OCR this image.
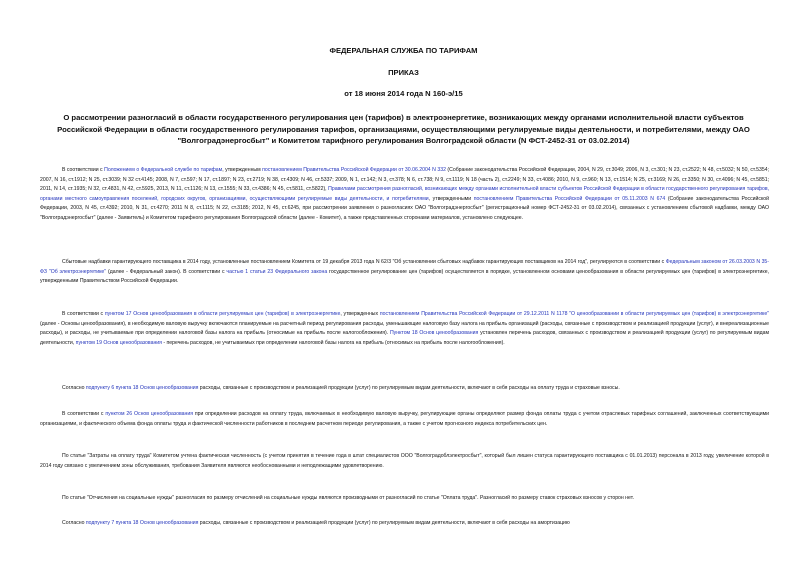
ФЕДЕРАЛЬНАЯ СЛУЖБА ПО ТАРИФАМ
ПРИКАЗ
от 18 июня 2014 года N 160-э/15
О рассмотрении разногласий в области государственного регулирования цен (тарифов) в электроэнергетике, возникающих между органами исполнительной власти субъектов Российской Федерации в области государственного регулирования тарифов, организациями, осуществляющими регулируемые виды деятельности, и потребителями, между ОАО "Волгоградэнергосбыт" и Комитетом тарифного регулирования Волгоградской области (N ФСТ-2452-31 от 03.02.2014)
В соответствии с Положением о Федеральной службе по тарифам, утвержденным постановлением Правительства Российской Федерации от 30.06.2004 N 332 (Собрание законодательства Российской Федерации, 2004, N 29, ст.3049; 2006, N 3, ст.301; N 23, ст.2522; N 48, ст.5032; N 50, ст.5354; 2007, N 16, ст.1912; N 25, ст.3039; N 32 ст.4145; 2008, N 7, ст.597; N 17, ст.1897; N 23, ст.2719; N 38, ст.4309; N 46, ст.5337; 2009, N 1, ст.142; N 3, ст.378; N 6, ст.738; N 9, ст.1119; N 18 (часть 2), ст.2249; N 33, ст.4086; 2010, N 9, ст.960; N 13, ст.1514; N 25, ст.3169; N 26, ст.3350; N 30, ст.4096; N 45, ст.5851; 2011, N 14, ст.1935; N 32, ст.4831, N 42, ст.5925, 2013, N 11, ст.1126; N 13, ст.1555; N 33, ст.4386; N 45, ст.5811, ст.5822), Правилами рассмотрения разногласий, возникающих между органами исполнительной власти субъектов Российской Федерации в области государственного регулирования тарифов, органами местного самоуправления поселений, городских округов, организациями, осуществляющими регулируемые виды деятельности, и потребителями, утвержденными постановлением Правительства Российской Федерации от 05.11.2003 N 674 (Собрание законодательства Российской Федерации, 2003, N 45, ст.4392; 2010, N 31, ст.4270; 2011 N 8, ст.1115; N 22, ст.3185; 2012, N 45, ст.6245, при рассмотрении заявления о разногласиях ОАО "Волгоградэнергосбыт" (регистрационный номер ФСТ-2452-31 от 03.02.2014), связанных с установлением сбытовой надбавки, между ОАО "Волгоградэнергосбыт" (далее - Заявитель) и Комитетом тарифного регулирования Волгоградской области (далее - Комитет), а также представленных сторонами материалов, установлено следующее.
Сбытовые надбавки гарантирующего поставщика в 2014 году, установленные постановлением Комитета от 19 декабря 2013 года N 62/3 "Об установлении сбытовых надбавок гарантирующих поставщиков на 2014 год", регулируются в соответствии с Федеральным законом от 26.03.2003 N 35-ФЗ "Об электроэнергетике" (далее - Федеральный закон). В соответствии с частью 1 статьи 23 Федерального закона государственное регулирование цен (тарифов) осуществляется в порядке, установленном основами ценообразования в области регулируемых цен (тарифов) в электроэнергетике, утвержденными Правительством Российской Федерации.
В соответствии с пунктом 17 Основ ценообразования в области регулируемых цен (тарифов) в электроэнергетике, утвержденных постановлением Правительства Российской Федерации от 29.12.2011 N 1178 "О ценообразовании в области регулируемых цен (тарифов) в электроэнергетике" (далее - Основы ценообразования), в необходимую валовую выручку включаются планируемые на расчетный период регулирования расходы, уменьшающие налоговую базу налога на прибыль организаций (расходы, связанные с производством и реализацией продукции (услуг), и внереализационные расходы), и расходы, не учитываемые при определении налоговой базы налога на прибыль (относимые на прибыль после налогообложения). Пунктом 18 Основ ценообразования установлен перечень расходов, связанных с производством и реализацией продукции (услуг) по регулируемым видам деятельности, пунктом 19 Основ ценообразования - перечень расходов, не учитываемых при определении налоговой базы налога на прибыль (относимых на прибыль после налогообложения).
Согласно подпункту 6 пункта 18 Основ ценообразования расходы, связанные с производством и реализацией продукции (услуг) по регулируемым видам деятельности, включают в себя расходы на оплату труда и страховые взносы.
В соответствии с пунктом 26 Основ ценообразования при определении расходов на оплату труда, включаемых в необходимую валовую выручку, регулирующие органы определяют размер фонда оплаты труда с учетом отраслевых тарифных соглашений, заключенных соответствующими организациями, и фактического объема фонда оплаты труда и фактической численности работников в последнем расчетном периоде регулирования, а также с учетом прогнозного индекса потребительских цен.
По статье "Затраты на оплату труда" Комитетом учтена фактическая численность (с учетом принятия в течение года в штат специалистов ООО "Волгоградоблэлектросбыт", который был лишен статуса гарантирующего поставщика с 01.01.2013) персонала в 2013 году, увеличение которой в 2014 году связано с увеличением зоны обслуживания, требования Заявителя являются необоснованными и неподлежащими удовлетворению.
По статье "Отчисления на социальные нужды" разногласия по размеру отчислений на социальные нужды являются производными от разногласий по статье "Оплата труда". Разногласий по размеру ставок страховых взносов у сторон нет.
Согласно подпункту 7 пункта 18 Основ ценообразования расходы, связанные с производством и реализацией продукции (услуг) по регулируемым видам деятельности, включают в себя расходы на амортизацию
